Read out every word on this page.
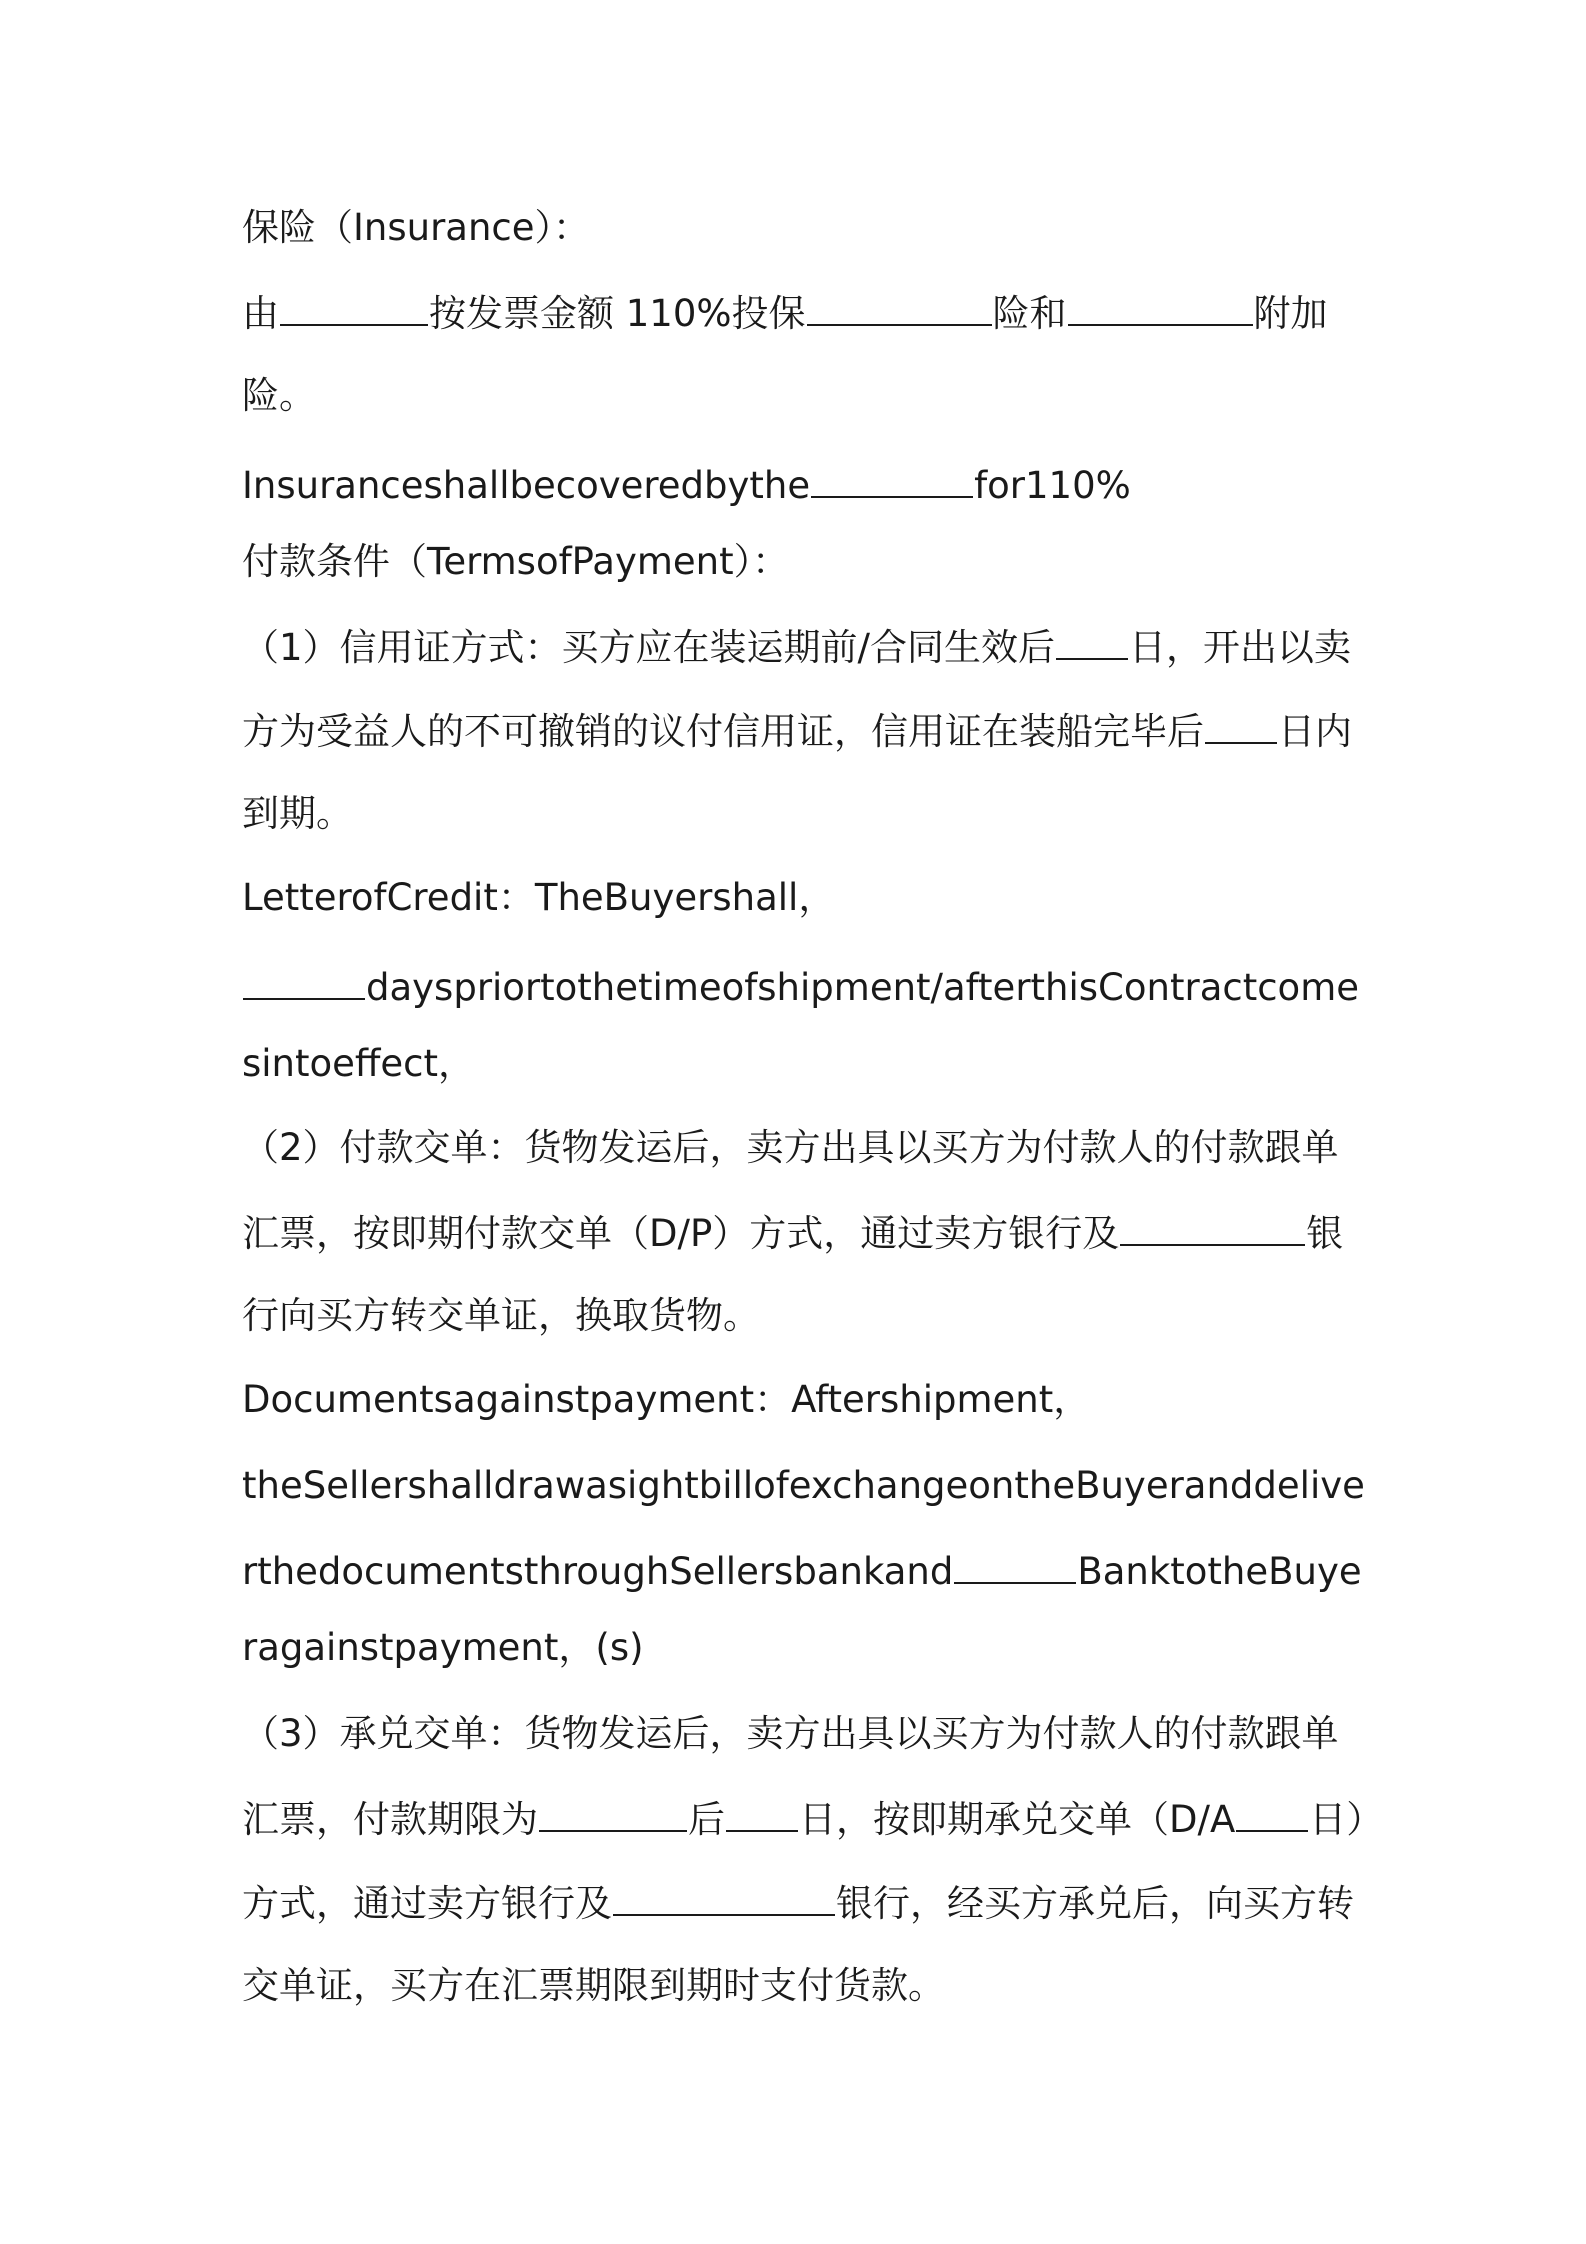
保险（Insurance）：
由	按发票金额 110%投保	险和	附加
险。
Insuranceshallbecoveredbythe	for110%
付款条件（TermsofPayment）：
（1）信用证方式：买方应在装运期前/合同生效后 日，开出以卖
方为受益人的不可撤销的议付信用证，信用证在装船完毕后 日内
到期。
LetterofCredit：TheBuyershall，
dayspriortothetimeofshipment/afterthisContractcome
sintoeffect，
（2）付款交单：货物发运后，卖方出具以买方为付款人的付款跟单
汇票，按即期付款交单（D/P）方式，通过卖方银行及	银
行向买方转交单证，换取货物。
Documentsagainstpayment：Aftershipment，
theSellershalldrawasightbillofexchangeontheBuyeranddelive
rthedocumentsthroughSellersbankand	BanktotheBuye
ragainstpayment，(s)
（3）承兑交单：货物发运后，卖方出具以买方为付款人的付款跟单
汇票，付款期限为	后 日，按即期承兑交单（D/A 日）
方式，通过卖方银行及	银行，经买方承兑后，向买方转
交单证，买方在汇票期限到期时支付货款。
